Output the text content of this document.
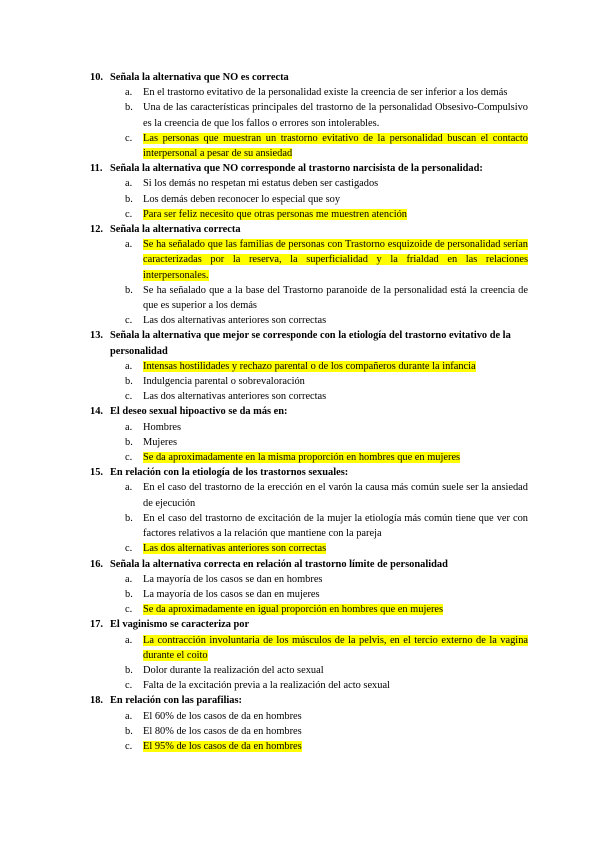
10. Señala la alternativa que NO es correcta
a.	En el trastorno evitativo de la personalidad existe la creencia de ser inferior a los demás
b. Una de las características principales del trastorno de la personalidad Obsesivo-Compulsivo es la creencia de que los fallos o errores son intolerables.
c.	Las personas que muestran un trastorno evitativo de la personalidad buscan el contacto interpersonal a pesar de su ansiedad
11. Señala la alternativa que NO corresponde al trastorno narcisista de la personalidad:
a.	Si los demás no respetan mi estatus deben ser castigados
b. Los demás deben reconocer lo especial que soy
c.	Para ser feliz necesito que otras personas me muestren atención
12. Señala la alternativa correcta
a.	Se ha señalado que las familias de personas con Trastorno esquizoide de personalidad serían caracterizadas por la reserva, la superficialidad y la frialdad en las relaciones interpersonales.
b. Se ha señalado que a la base del Trastorno paranoide de la personalidad está la creencia de que es superior a los demás
c.	Las dos alternativas anteriores son correctas
13. Señala la alternativa que mejor se corresponde con la etiología del trastorno evitativo de la personalidad
a.	Intensas hostilidades y rechazo parental o de los compañeros durante la infancia
b. Indulgencia parental o sobrevaloración
c.	Las dos alternativas anteriores son correctas
14. El deseo sexual hipoactivo se da más en:
a.	Hombres
b. Mujeres
c.	Se da aproximadamente en la misma proporción en hombres que en mujeres
15. En relación con la etiología de los trastornos sexuales:
a.	En el caso del trastorno de la erección en el varón la causa más común suele ser la ansiedad de ejecución
b. En el caso del trastorno de excitación de la mujer la etiología más común tiene que ver con factores relativos a la relación que mantiene con la pareja
c.	Las dos alternativas anteriores son correctas
16. Señala la alternativa correcta en relación al trastorno límite de personalidad
a.	La mayoría de los casos se dan en hombres
b. La mayoría de los casos se dan en mujeres
c.	Se da aproximadamente en igual proporción en hombres que en mujeres
17. El vaginismo se caracteriza por
a.	La contracción involuntaria de los músculos de la pelvis, en el tercio externo de la vagina durante el coito
b. Dolor durante la realización del acto sexual
c.	Falta de la excitación previa a la realización del acto sexual
18. En relación con las parafilias:
a.	El 60% de los casos de da en hombres
b. El 80% de los casos de da en hombres
c.	El 95% de los casos de da en hombres
